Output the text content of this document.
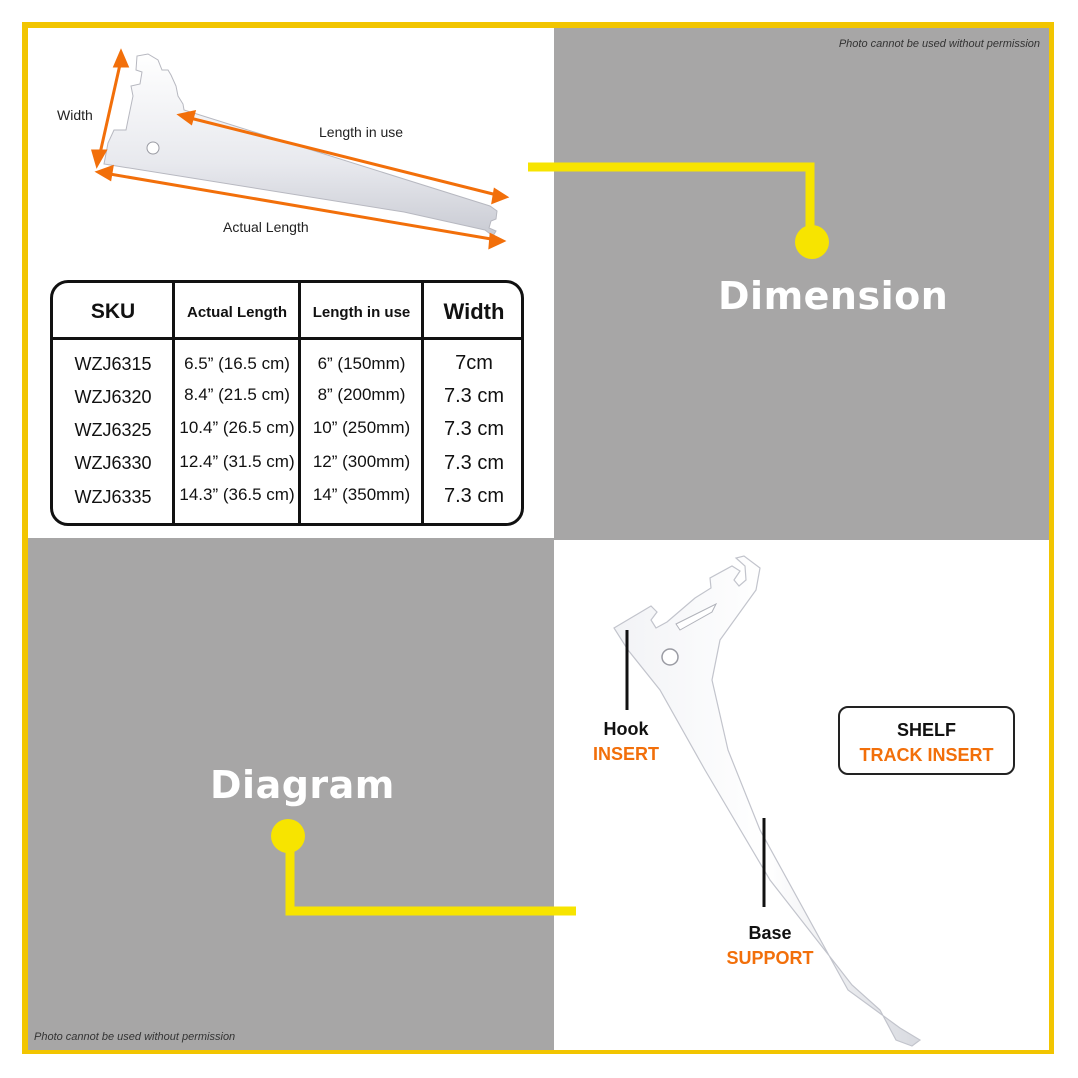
Photo cannot be used without permission
Photo cannot be used without permission
Dimension
Diagram
Width
Length in use
Actual Length
SKU	Actual Length	Length in use	Width
WZJ6315	6.5” (16.5 cm)	6” (150mm)	7cm
WZJ6320	8.4” (21.5 cm)	8” (200mm)	7.3 cm
WZJ6325	10.4” (26.5 cm)	10” (250mm)	7.3 cm
WZJ6330	12.4” (31.5 cm)	12” (300mm)	7.3 cm
WZJ6335	14.3” (36.5 cm)	14” (350mm)	7.3 cm
Hook
INSERT
SHELF
TRACK INSERT
Base
SUPPORT
